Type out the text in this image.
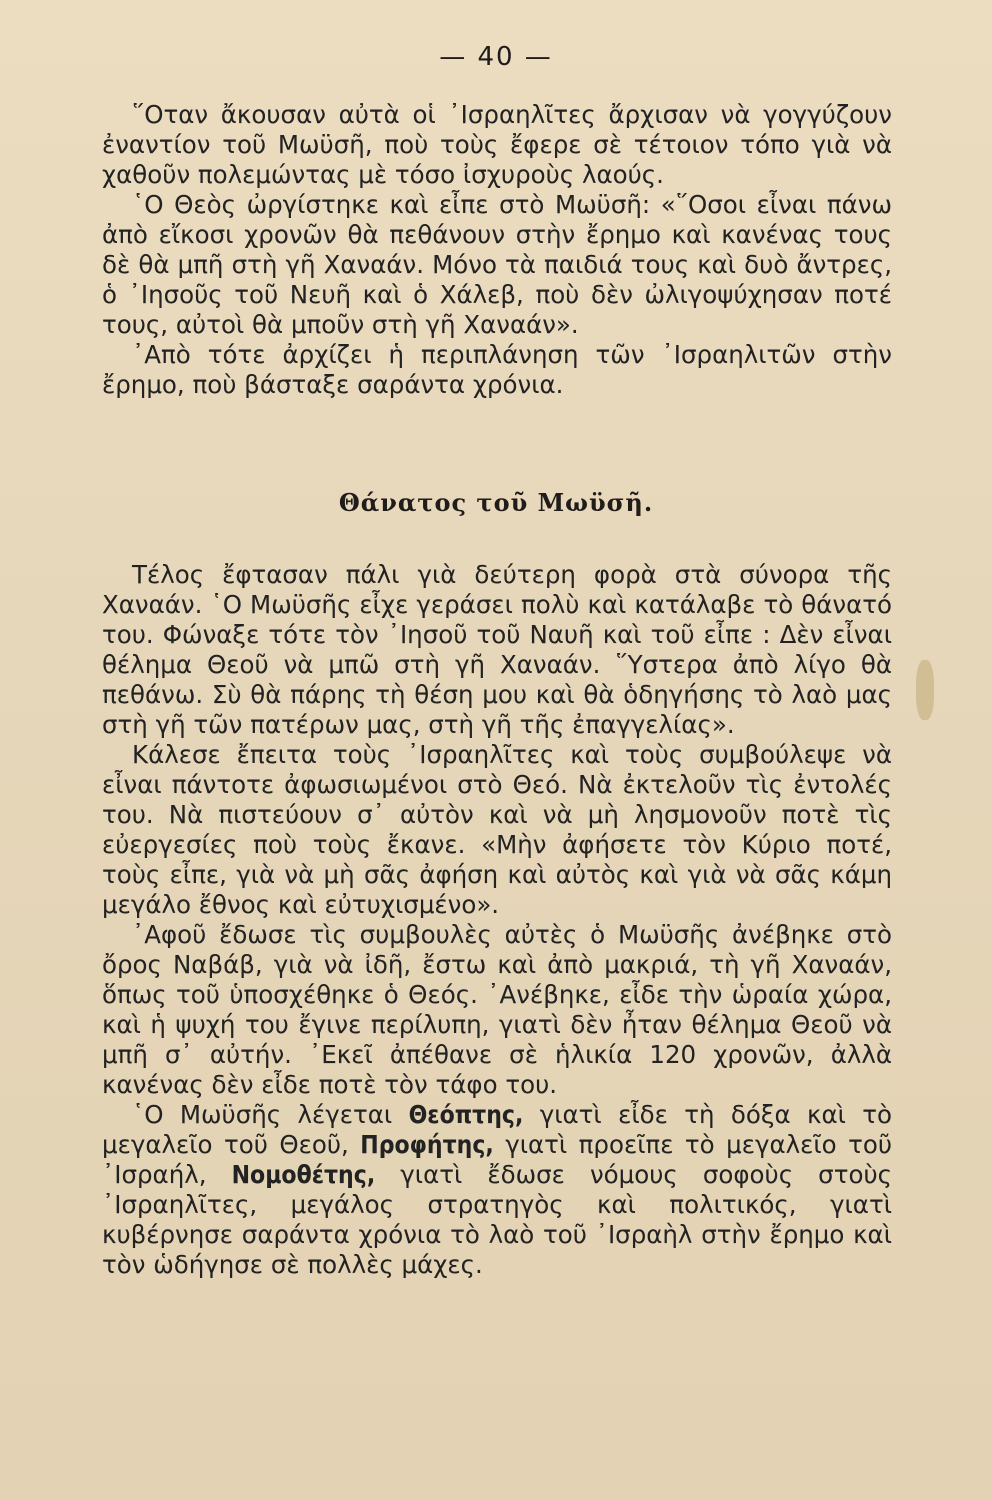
— 40 —

῞Οταν ἄκουσαν αὐτὰ οἱ ᾿Ισραηλῖτες ἄρχισαν νὰ γογγύζουν ἐναντίον τοῦ Μωϋσῆ, ποὺ τοὺς ἔφερε σὲ τέτοιον τόπο γιὰ νὰ χαθοῦν πολεμώντας μὲ τόσο ἰσχυροὺς λαούς.

῾Ο Θεὸς ὠργίστηκε καὶ εἶπε στὸ Μωϋσῆ: «῞Οσοι εἶναι πάνω ἀπὸ εἴκοσι χρονῶν θὰ πεθάνουν στὴν ἔρημο καὶ κανένας τους δὲ θὰ μπῆ στὴ γῆ Χαναάν. Μόνο τὰ παιδιά τους καὶ δυὸ ἄντρες, ὁ ᾿Ιησοῦς τοῦ Νευῆ καὶ ὁ Χάλεβ, ποὺ δὲν ὠλιγοψύχησαν ποτέ τους, αὐτοὶ θὰ μποῦν στὴ γῆ Χαναάν».

᾿Απὸ τότε ἀρχίζει ἡ περιπλάνηση τῶν ᾿Ισραηλιτῶν στὴν ἔρημο, ποὺ βάσταξε σαράντα χρόνια.

Θάνατος τοῦ Μωϋσῆ.

Τέλος ἔφτασαν πάλι γιὰ δεύτερη φορὰ στὰ σύνορα τῆς Χαναάν. ῾Ο Μωϋσῆς εἶχε γεράσει πολὺ καὶ κατάλαβε τὸ θάνατό του. Φώναξε τότε τὸν ᾿Ιησοῦ τοῦ Ναυῆ καὶ τοῦ εἶπε : Δὲν εἶναι θέλημα Θεοῦ νὰ μπῶ στὴ γῆ Χαναάν. ῞Υστερα ἀπὸ λίγο θὰ πεθάνω. Σὺ θὰ πάρης τὴ θέση μου καὶ θὰ ὁδηγήσης τὸ λαὸ μας στὴ γῆ τῶν πατέρων μας, στὴ γῆ τῆς ἐπαγγελίας».

Κάλεσε ἔπειτα τοὺς ᾿Ισραηλῖτες καὶ τοὺς συμβούλεψε νὰ εἶναι πάντοτε ἀφωσιωμένοι στὸ Θεό. Νὰ ἐκτελοῦν τὶς ἐντολές του. Νὰ πιστεύουν σ᾿ αὐτὸν καὶ νὰ μὴ λησμονοῦν ποτὲ τὶς εὐεργεσίες ποὺ τοὺς ἔκανε. «Μὴν ἀφήσετε τὸν Κύριο ποτέ, τοὺς εἶπε, γιὰ νὰ μὴ σᾶς ἀφήση καὶ αὐτὸς καὶ γιὰ νὰ σᾶς κάμη μεγάλο ἔθνος καὶ εὐτυχισμένο».

᾿Αφοῦ ἔδωσε τὶς συμβουλὲς αὐτὲς ὁ Μωϋσῆς ἀνέβηκε στὸ ὄρος Ναβάβ, γιὰ νὰ ἰδῆ, ἔστω καὶ ἀπὸ μακριά, τὴ γῆ Χαναάν, ὅπως τοῦ ὑποσχέθηκε ὁ Θεός. ᾿Ανέβηκε, εἶδε τὴν ὡραία χώρα, καὶ ἡ ψυχή του ἔγινε περίλυπη, γιατὶ δὲν ἦταν θέλημα Θεοῦ νὰ μπῆ σ᾿ αὐτήν. ᾿Εκεῖ ἀπέθανε σὲ ἡλικία 120 χρονῶν, ἀλλὰ κανένας δὲν εἶδε ποτὲ τὸν τάφο του.

῾Ο Μωϋσῆς λέγεται Θεόπτης, γιατὶ εἶδε τὴ δόξα καὶ τὸ μεγαλεῖο τοῦ Θεοῦ, Προφήτης, γιατὶ προεῖπε τὸ μεγαλεῖο τοῦ ᾿Ισραήλ, Νομοθέτης, γιατὶ ἔδωσε νόμους σοφοὺς στοὺς ᾿Ισραηλῖτες, μεγάλος στρατηγὸς καὶ πολιτικός, γιατὶ κυβέρνησε σαράντα χρόνια τὸ λαὸ τοῦ ᾿Ισραὴλ στὴν ἔρημο καὶ τὸν ὡδήγησε σὲ πολλὲς μάχες.
